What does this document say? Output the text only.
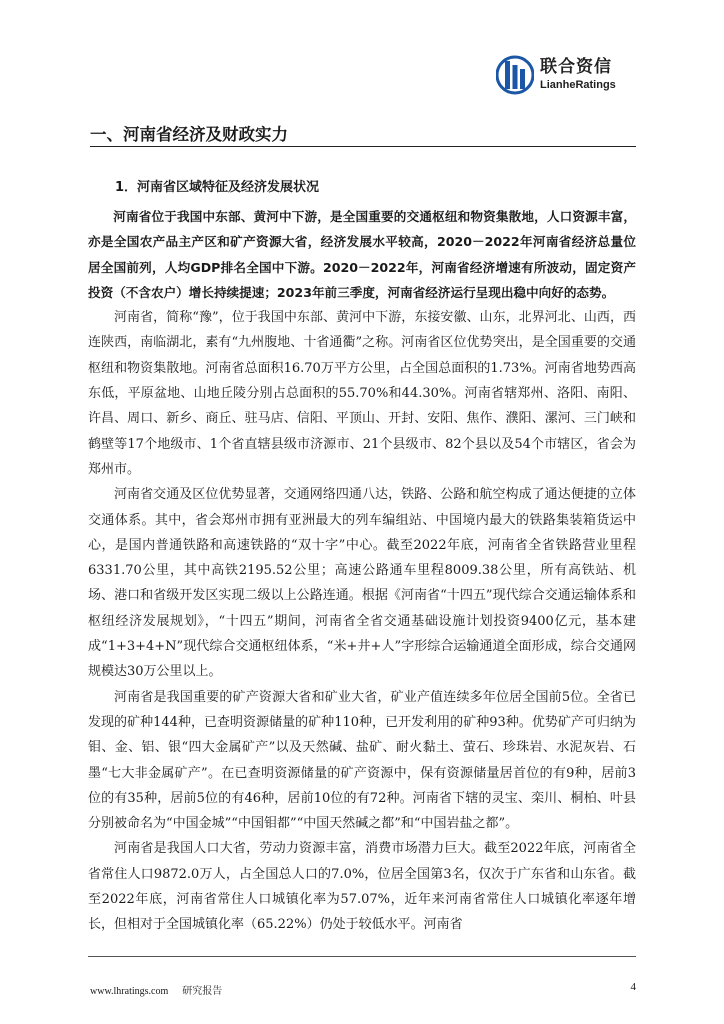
联合资信
LianheRatings
一、河南省经济及财政实力
1．河南省区域特征及经济发展状况

河南省位于我国中东部、黄河中下游，是全国重要的交通枢纽和物资集散地，人口资源丰富，亦是全国农产品主产区和矿产资源大省，经济发展水平较高，2020－2022年河南省经济总量位居全国前列，人均GDP排名全国中下游。2020－2022年，河南省经济增速有所波动，固定资产投资（不含农户）增长持续提速；2023年前三季度，河南省经济运行呈现出稳中向好的态势。

河南省，简称“豫”，位于我国中东部、黄河中下游，东接安徽、山东，北界河北、山西，西连陕西，南临湖北，素有“九州腹地、十省通衢”之称。河南省区位优势突出，是全国重要的交通枢纽和物资集散地。河南省总面积16.70万平方公里，占全国总面积的1.73%。河南省地势西高东低，平原盆地、山地丘陵分别占总面积的55.70%和44.30%。河南省辖郑州、洛阳、南阳、许昌、周口、新乡、商丘、驻马店、信阳、平顶山、开封、安阳、焦作、濮阳、漯河、三门峡和鹤壁等17个地级市、1个省直辖县级市济源市、21个县级市、82个县以及54个市辖区，省会为郑州市。

河南省交通及区位优势显著，交通网络四通八达，铁路、公路和航空构成了通达便捷的立体交通体系。其中，省会郑州市拥有亚洲最大的列车编组站、中国境内最大的铁路集装箱货运中心，是国内普通铁路和高速铁路的“双十字”中心。截至2022年底，河南省全省铁路营业里程6331.70公里，其中高铁2195.52公里；高速公路通车里程8009.38公里，所有高铁站、机场、港口和省级开发区实现二级以上公路连通。根据《河南省“十四五”现代综合交通运输体系和枢纽经济发展规划》，“十四五”期间，河南省全省交通基础设施计划投资9400亿元，基本建成“1+3+4+N”现代综合交通枢纽体系，“米+井+人”字形综合运输通道全面形成，综合交通网规模达30万公里以上。

河南省是我国重要的矿产资源大省和矿业大省，矿业产值连续多年位居全国前5位。全省已发现的矿种144种，已查明资源储量的矿种110种，已开发利用的矿种93种。优势矿产可归纳为钼、金、铝、银“四大金属矿产”以及天然碱、盐矿、耐火黏土、萤石、珍珠岩、水泥灰岩、石墨“七大非金属矿产”。在已查明资源储量的矿产资源中，保有资源储量居首位的有9种，居前3位的有35种，居前5位的有46种，居前10位的有72种。河南省下辖的灵宝、栾川、桐柏、叶县分别被命名为“中国金城”“中国钼都”“中国天然碱之都”和“中国岩盐之都”。

河南省是我国人口大省，劳动力资源丰富，消费市场潜力巨大。截至2022年底，河南省全省常住人口9872.0万人，占全国总人口的7.0%，位居全国第3名，仅次于广东省和山东省。截至2022年底，河南省常住人口城镇化率为57.07%，近年来河南省常住人口城镇化率逐年增长，但相对于全国城镇化率（65.22%）仍处于较低水平。河南省

www.lhratings.com 研究报告	4
